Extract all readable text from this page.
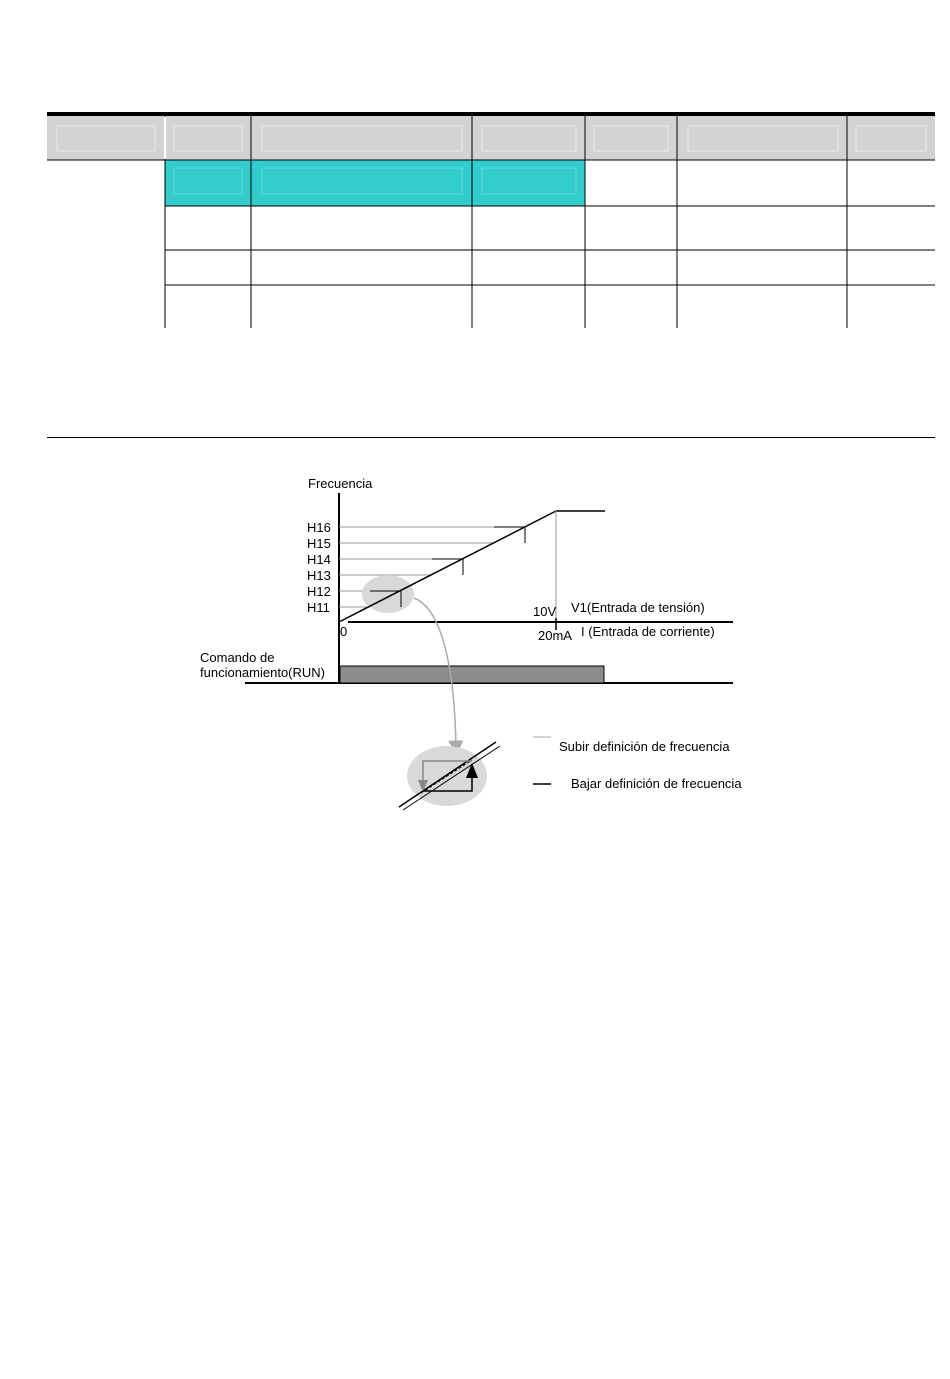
Frecuencia
H16
H15
H14
H13
H12
H11
0
10V V1(Entrada de tensión)
20mA I (Entrada de corriente)
Comando de
funcionamiento(RUN)
Subir definición de frecuencia
Bajar definición de frecuencia
